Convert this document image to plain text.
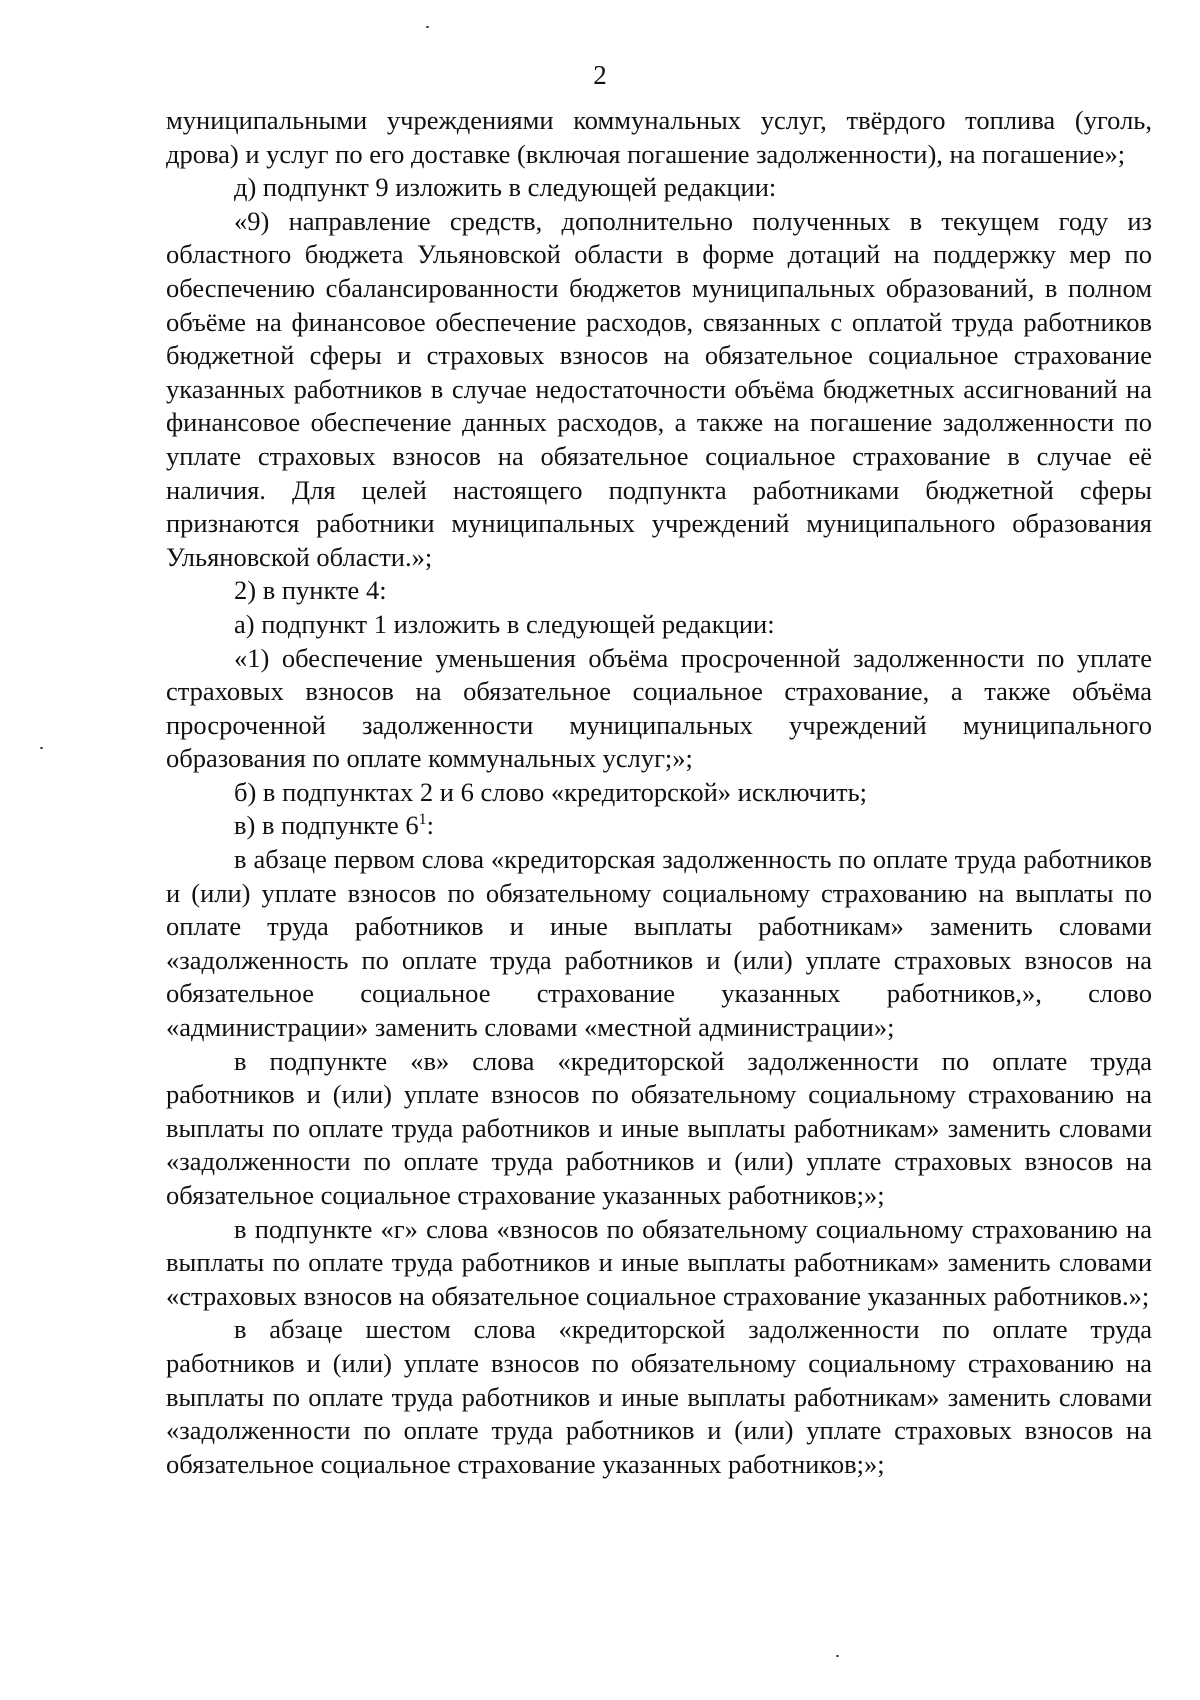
2

муниципальными учреждениями коммунальных услуг, твёрдого топлива (уголь, дрова) и услуг по его доставке (включая погашение задолженности), на погашение»;

д) подпункт 9 изложить в следующей редакции:

«9) направление средств, дополнительно полученных в текущем году из областного бюджета Ульяновской области в форме дотаций на поддержку мер по обеспечению сбалансированности бюджетов муниципальных образований, в полном объёме на финансовое обеспечение расходов, связанных с оплатой труда работников бюджетной сферы и страховых взносов на обязательное социальное страхование указанных работников в случае недостаточности объёма бюджетных ассигнований на финансовое обеспечение данных расходов, а также на погашение задолженности по уплате страховых взносов на обязательное социальное страхование в случае её наличия. Для целей настоящего подпункта работниками бюджетной сферы признаются работники муниципальных учреждений муниципального образования Ульяновской области.»;

2) в пункте 4:

а) подпункт 1 изложить в следующей редакции:

«1) обеспечение уменьшения объёма просроченной задолженности по уплате страховых взносов на обязательное социальное страхование, а также объёма просроченной задолженности муниципальных учреждений муниципального образования по оплате коммунальных услуг;»;

б) в подпунктах 2 и 6 слово «кредиторской» исключить;

в) в подпункте $6^1$:

в абзаце первом слова «кредиторская задолженность по оплате труда работников и (или) уплате взносов по обязательному социальному страхованию на выплаты по оплате труда работников и иные выплаты работникам» заменить словами «задолженность по оплате труда работников и (или) уплате страховых взносов на обязательное социальное страхование указанных работников,», слово «администрации» заменить словами «местной администрации»;

в подпункте «в» слова «кредиторской задолженности по оплате труда работников и (или) уплате взносов по обязательному социальному страхованию на выплаты по оплате труда работников и иные выплаты работникам» заменить словами «задолженности по оплате труда работников и (или) уплате страховых взносов на обязательное социальное страхование указанных работников;»;

в подпункте «г» слова «взносов по обязательному социальному страхованию на выплаты по оплате труда работников и иные выплаты работникам» заменить словами «страховых взносов на обязательное социальное страхование указанных работников.»;

в абзаце шестом слова «кредиторской задолженности по оплате труда работников и (или) уплате взносов по обязательному социальному страхованию на выплаты по оплате труда работников и иные выплаты работникам» заменить словами «задолженности по оплате труда работников и (или) уплате страховых взносов на обязательное социальное страхование указанных работников;»;
